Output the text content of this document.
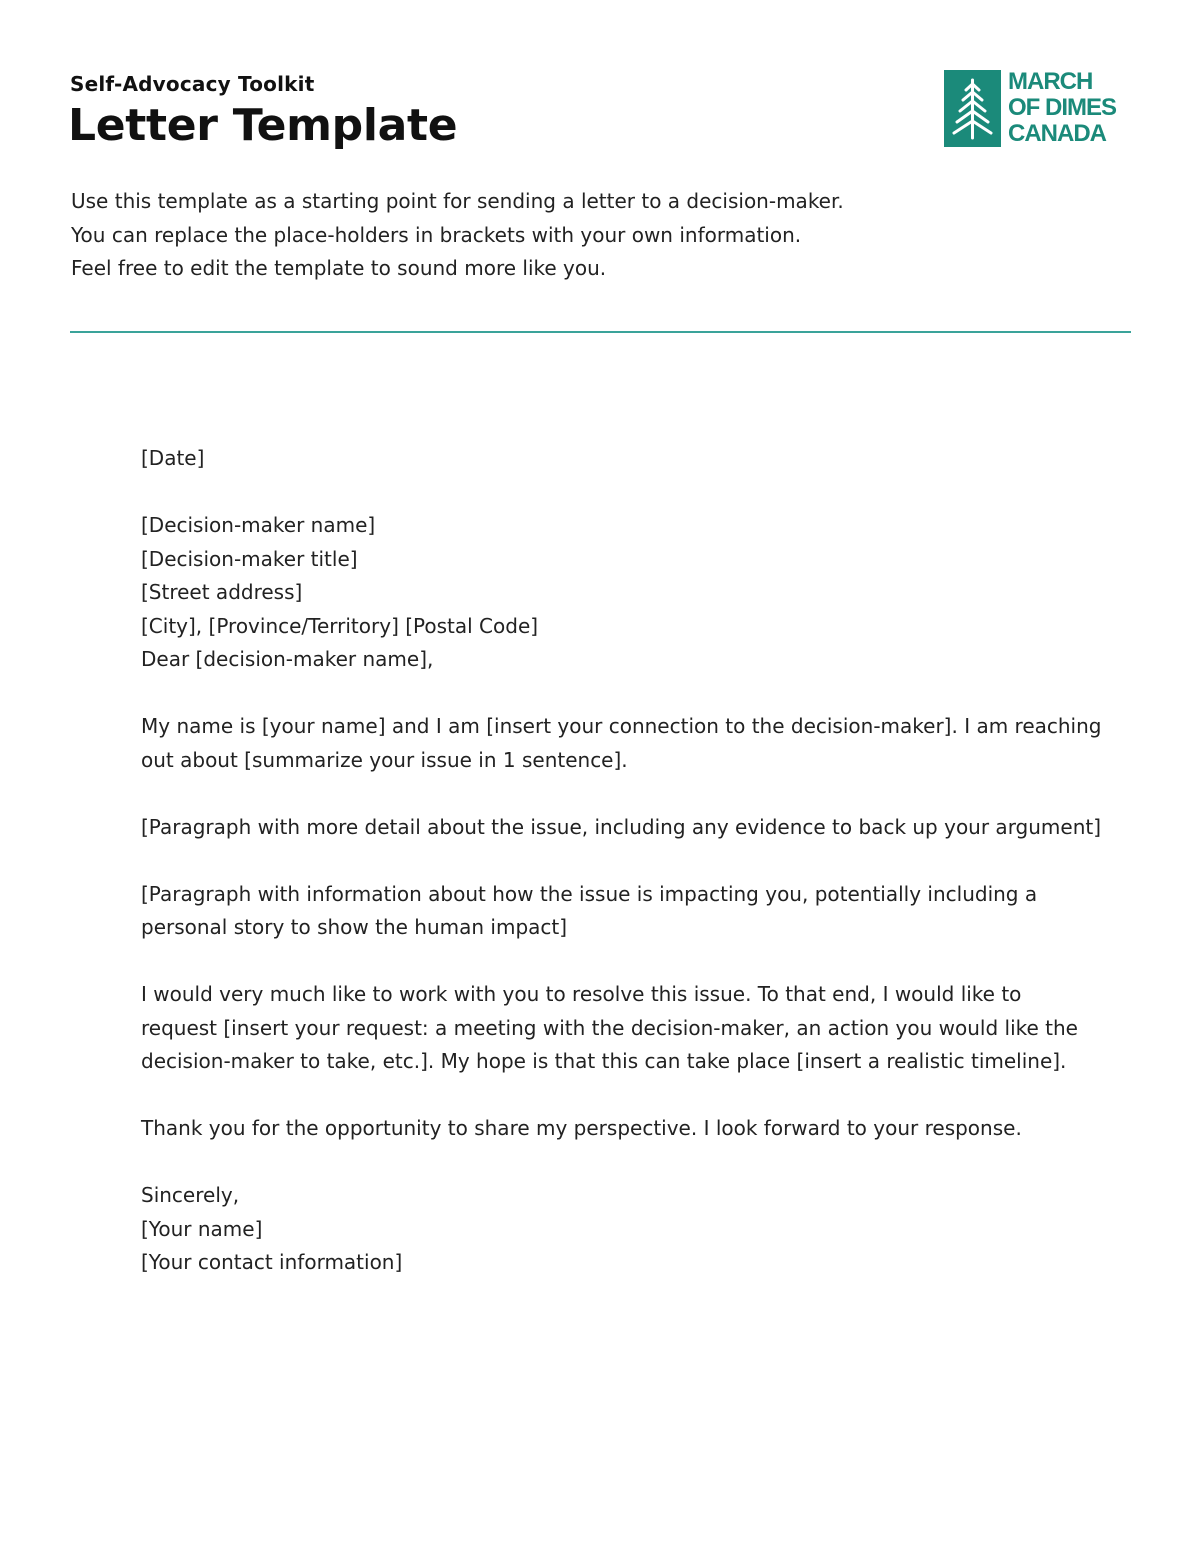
Self-Advocacy Toolkit
Letter Template
MARCH
OF DIMES
CANADA

Use this template as a starting point for sending a letter to a decision-maker.

You can replace the place-holders in brackets with your own information.

Feel free to edit the template to sound more like you.

[Date]
[Decision-maker name]
[Decision-maker title]
[Street address]
[City], [Province/Territory] [Postal Code]
Dear [decision-maker name],

My name is [your name] and I am [insert your connection to the decision-maker]. I am reaching
out about [summarize your issue in 1 sentence].

[Paragraph with more detail about the issue, including any evidence to back up your argument]

[Paragraph with information about how the issue is impacting you, potentially including a
personal story to show the human impact]

I would very much like to work with you to resolve this issue. To that end, I would like to
request [insert your request: a meeting with the decision-maker, an action you would like the
decision-maker to take, etc.]. My hope is that this can take place [insert a realistic timeline].

Thank you for the opportunity to share my perspective. I look forward to your response.

Sincerely,
[Your name]
[Your contact information]
